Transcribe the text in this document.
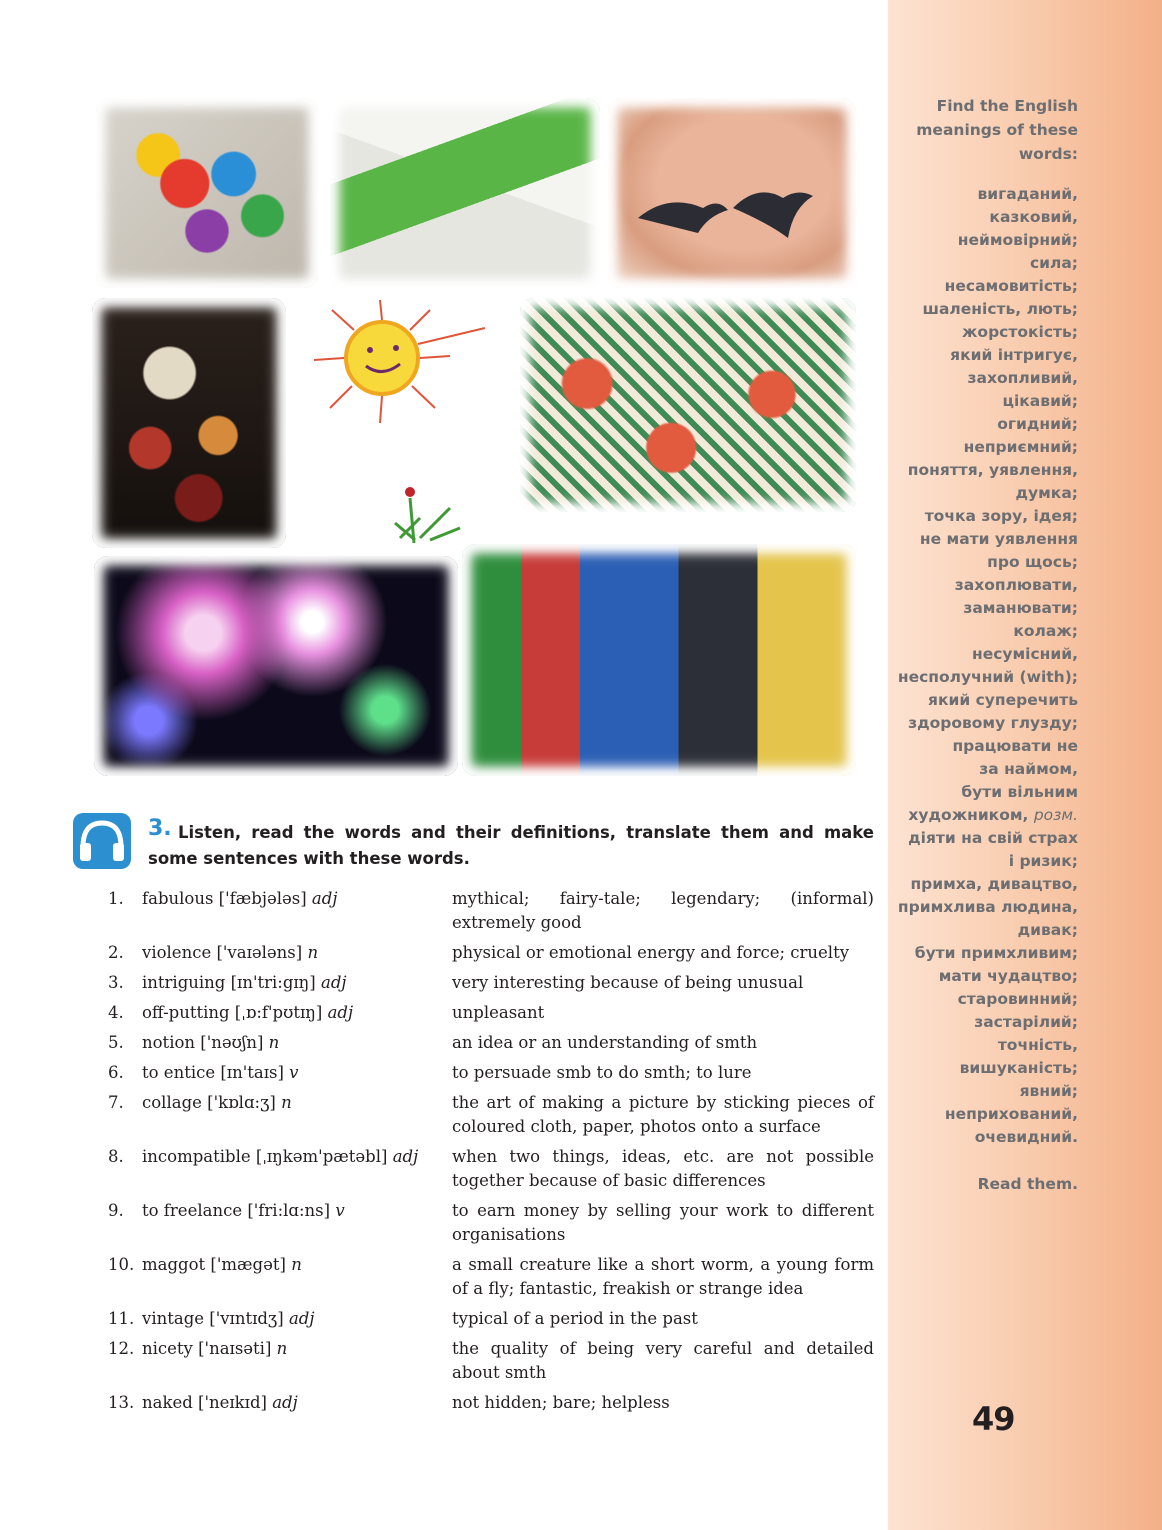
Find the English
meanings of these
words:
вигаданий,
казковий,
неймовірний;
сила;
несамовитість;
шаленість, лють;
жорстокість;
який інтригує,
захопливий,
цікавий;
огидний;
неприємний;
поняття, уявлення,
думка;
точка зору, ідея;
не мати уявлення
про щось;
захоплювати,
заманювати;
колаж;
несумісний,
несполучний (with);
який суперечить
здоровому глузду;
працювати не
за наймом,
бути вільним
художником, розм.
діяти на свій страх
і ризик;
примха, дивацтво,
примхлива людина,
дивак;
бути примхливим;
мати чудацтво;
старовинний;
застарілий;
точність,
вишуканість;
явний;
неприхований,
очевидний.
Read them.
49
3. Listen, read the words and their definitions, translate them and make some sentences with these words.
1.	fabulous ['fæbjələs] adj	mythical; fairy-tale; legendary; (informal) extremely good
2.	violence ['vaɪələns] n	physical or emotional energy and force; cruelty
3.	intriguing [ɪn'tri:gɪŋ] adj	very interesting because of being unusual
4.	off-putting [ˌɒ:f'pʊtɪŋ] adj	unpleasant
5.	notion ['nəʊʃn] n	an idea or an understanding of smth
6.	to entice [ɪn'taɪs] v	to persuade smb to do smth; to lure
7.	collage ['kɒlɑ:ʒ] n	the art of making a picture by sticking pieces of coloured cloth, paper, photos onto a surface
8.	incompatible [ˌɪŋkəm'pætəbl] adj	when two things, ideas, etc. are not possible together because of basic differences
9.	to freelance ['fri:lɑ:ns] v	to earn money by selling your work to different organisations
10. maggot ['mægət] n	a small creature like a short worm, a young form of a fly; fantastic, freakish or strange idea
11. vintage ['vɪntɪdʒ] adj	typical of a period in the past
12. nicety ['naɪsəti] n	the quality of being very careful and detailed about smth
13. naked ['neɪkɪd] adj	not hidden; bare; helpless
